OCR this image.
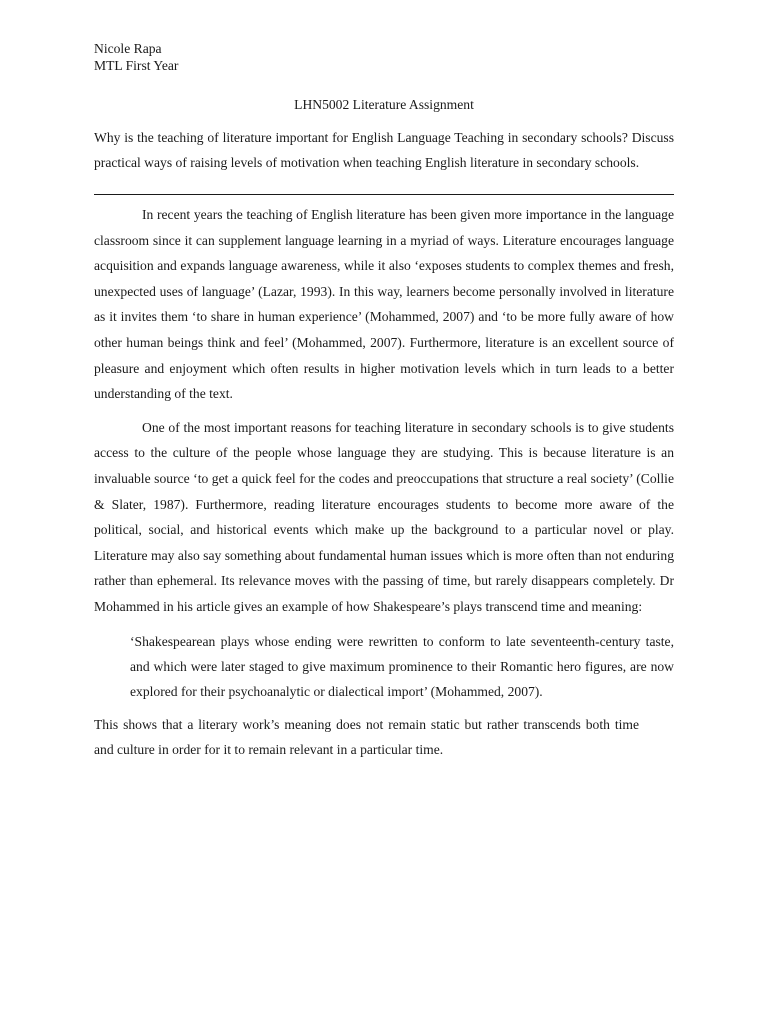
Nicole Rapa
MTL First Year
LHN5002 Literature Assignment
Why is the teaching of literature important for English Language Teaching in secondary schools? Discuss practical ways of raising levels of motivation when teaching English literature in secondary schools.

In recent years the teaching of English literature has been given more importance in the language classroom since it can supplement language learning in a myriad of ways. Literature encourages language acquisition and expands language awareness, while it also ‘exposes students to complex themes and fresh, unexpected uses of language’ (Lazar, 1993). In this way, learners become personally involved in literature as it invites them ‘to share in human experience’ (Mohammed, 2007) and ‘to be more fully aware of how other human beings think and feel’ (Mohammed, 2007). Furthermore, literature is an excellent source of pleasure and enjoyment which often results in higher motivation levels which in turn leads to a better understanding of the text.

One of the most important reasons for teaching literature in secondary schools is to give students access to the culture of the people whose language they are studying. This is because literature is an invaluable source ‘to get a quick feel for the codes and preoccupations that structure a real society’ (Collie & Slater, 1987). Furthermore, reading literature encourages students to become more aware of the political, social, and historical events which make up the background to a particular novel or play. Literature may also say something about fundamental human issues which is more often than not enduring rather than ephemeral. Its relevance moves with the passing of time, but rarely disappears completely. Dr Mohammed in his article gives an example of how Shakespeare’s plays transcend time and meaning:

‘Shakespearean plays whose ending were rewritten to conform to late seventeenth-century taste, and which were later staged to give maximum prominence to their Romantic hero figures, are now explored for their psychoanalytic or dialectical import’ (Mohammed, 2007).

This shows that a literary work’s meaning does not remain static but rather transcends both time and culture in order for it to remain relevant in a particular time.
